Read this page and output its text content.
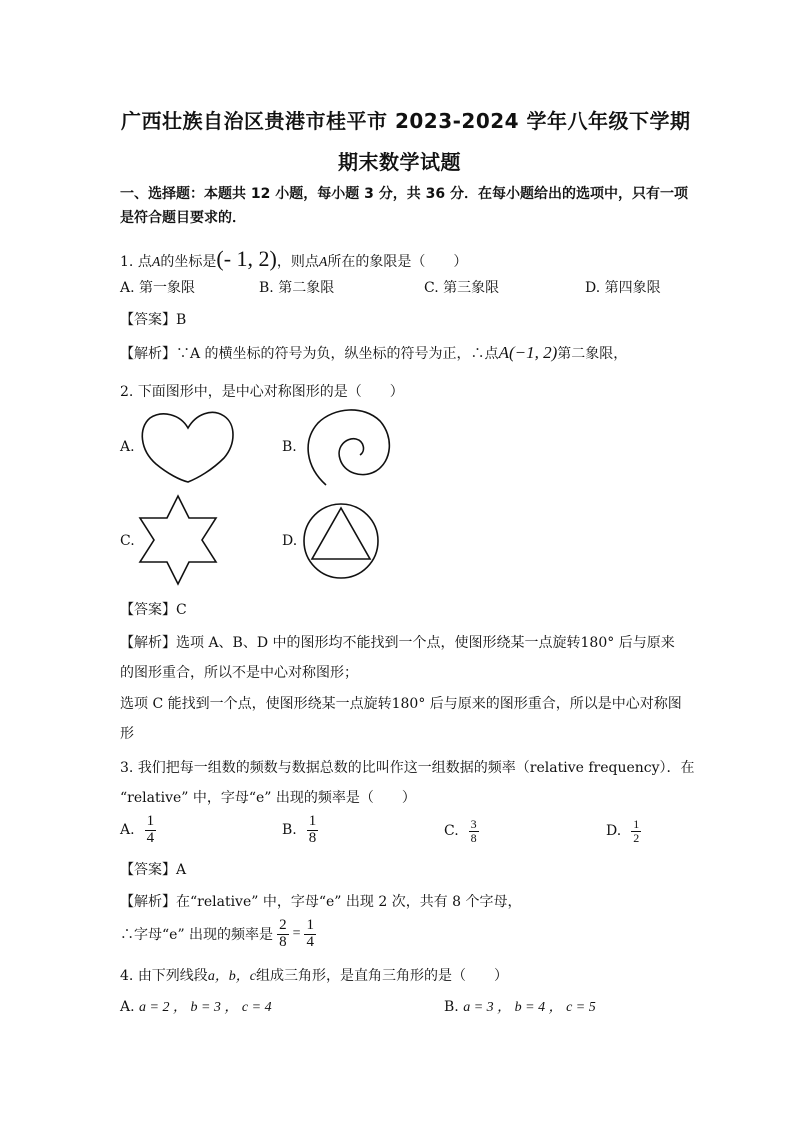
广西壮族自治区贵港市桂平市 2023-2024 学年八年级下学期
期末数学试题
一、选择题：本题共 12 小题，每小题 3 分，共 36 分．在每小题给出的选项中，只有一项
是符合题目要求的．
1. 点A的坐标是(- 1, 2)，则点A所在的象限是（　　）
A. 第一象限	B. 第二象限	C. 第三象限	D. 第四象限
【答案】B
【解析】∵A 的横坐标的符号为负，纵坐标的符号为正，∴点A(−1, 2)第二象限，
2. 下面图形中，是中心对称图形的是（　　）
A.	B.
C.	D.
【答案】C
【解析】选项 A、B、D 中的图形均不能找到一个点，使图形绕某一点旋转180° 后与原来
的图形重合，所以不是中心对称图形；
选项 C 能找到一个点，使图形绕某一点旋转180° 后与原来的图形重合，所以是中心对称图
形
3. 我们把每一组数的频数与数据总数的比叫作这一组数据的频率（relative frequency）．在
“relative” 中，字母“e” 出现的频率是（　　）
A. $\frac{1}{4}$	B. $\frac{1}{8}$	C. $\frac{3}{8}$	D. $\frac{1}{2}$
【答案】A
【解析】在“relative” 中，字母“e” 出现 2 次，共有 8 个字母，
∴字母“e” 出现的频率是 $\frac{2}{8} = \frac{1}{4}$
4. 由下列线段a，b，c组成三角形，是直角三角形的是（　　）
A. a = 2 ， b = 3 ， c = 4	B. a = 3 ， b = 4 ， c = 5
